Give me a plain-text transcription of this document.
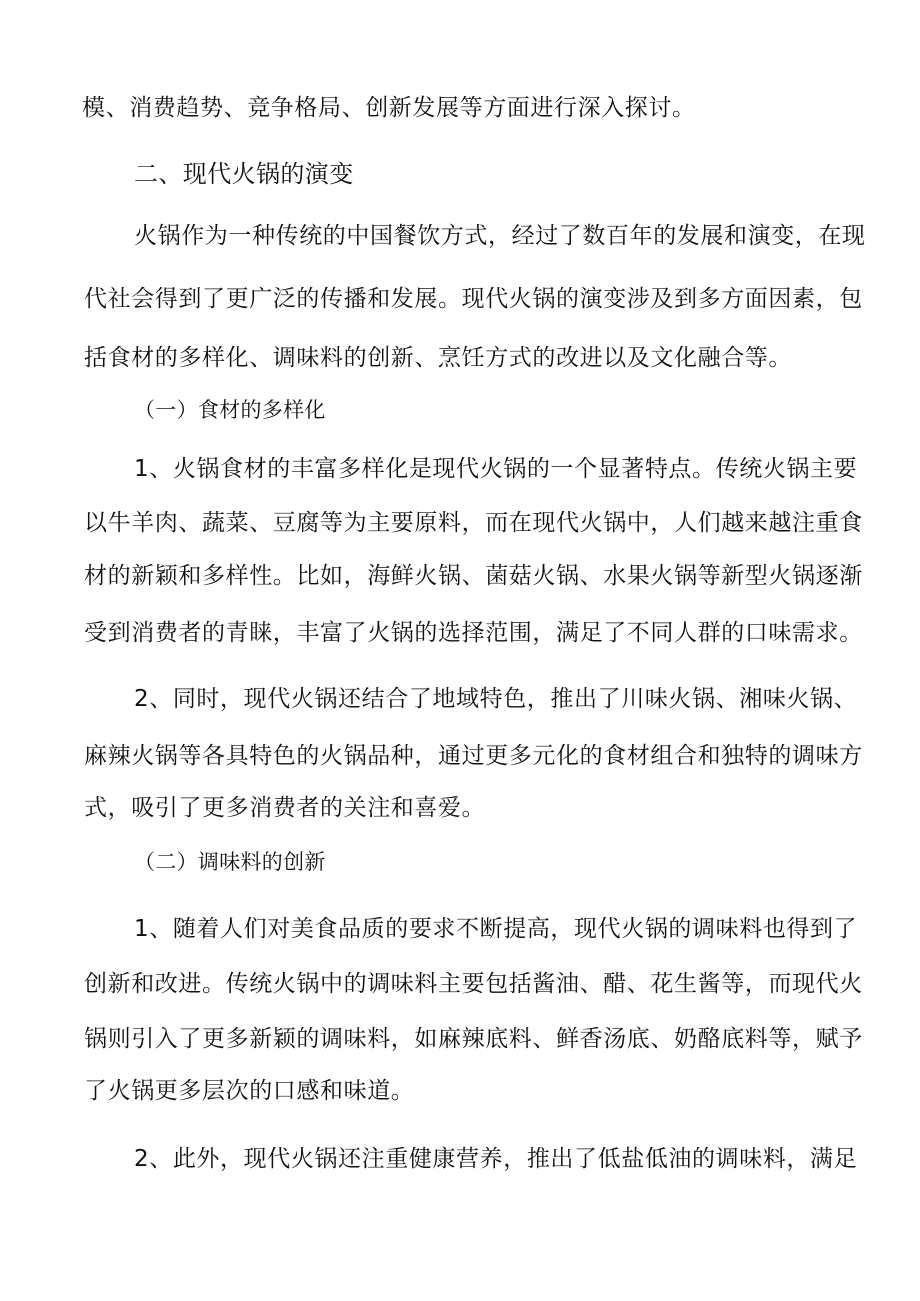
模、消费趋势、竞争格局、创新发展等方面进行深入探讨。
二、现代火锅的演变
火锅作为一种传统的中国餐饮方式，经过了数百年的发展和演变，在现
代社会得到了更广泛的传播和发展。现代火锅的演变涉及到多方面因素，包
括食材的多样化、调味料的创新、烹饪方式的改进以及文化融合等。
（一）食材的多样化
1、火锅食材的丰富多样化是现代火锅的一个显著特点。传统火锅主要
以牛羊肉、蔬菜、豆腐等为主要原料，而在现代火锅中，人们越来越注重食
材的新颖和多样性。比如，海鲜火锅、菌菇火锅、水果火锅等新型火锅逐渐
受到消费者的青睐，丰富了火锅的选择范围，满足了不同人群的口味需求。
2、同时，现代火锅还结合了地域特色，推出了川味火锅、湘味火锅、
麻辣火锅等各具特色的火锅品种，通过更多元化的食材组合和独特的调味方
式，吸引了更多消费者的关注和喜爱。
（二）调味料的创新
1、随着人们对美食品质的要求不断提高，现代火锅的调味料也得到了
创新和改进。传统火锅中的调味料主要包括酱油、醋、花生酱等，而现代火
锅则引入了更多新颖的调味料，如麻辣底料、鲜香汤底、奶酪底料等，赋予
了火锅更多层次的口感和味道。
2、此外，现代火锅还注重健康营养，推出了低盐低油的调味料，满足
